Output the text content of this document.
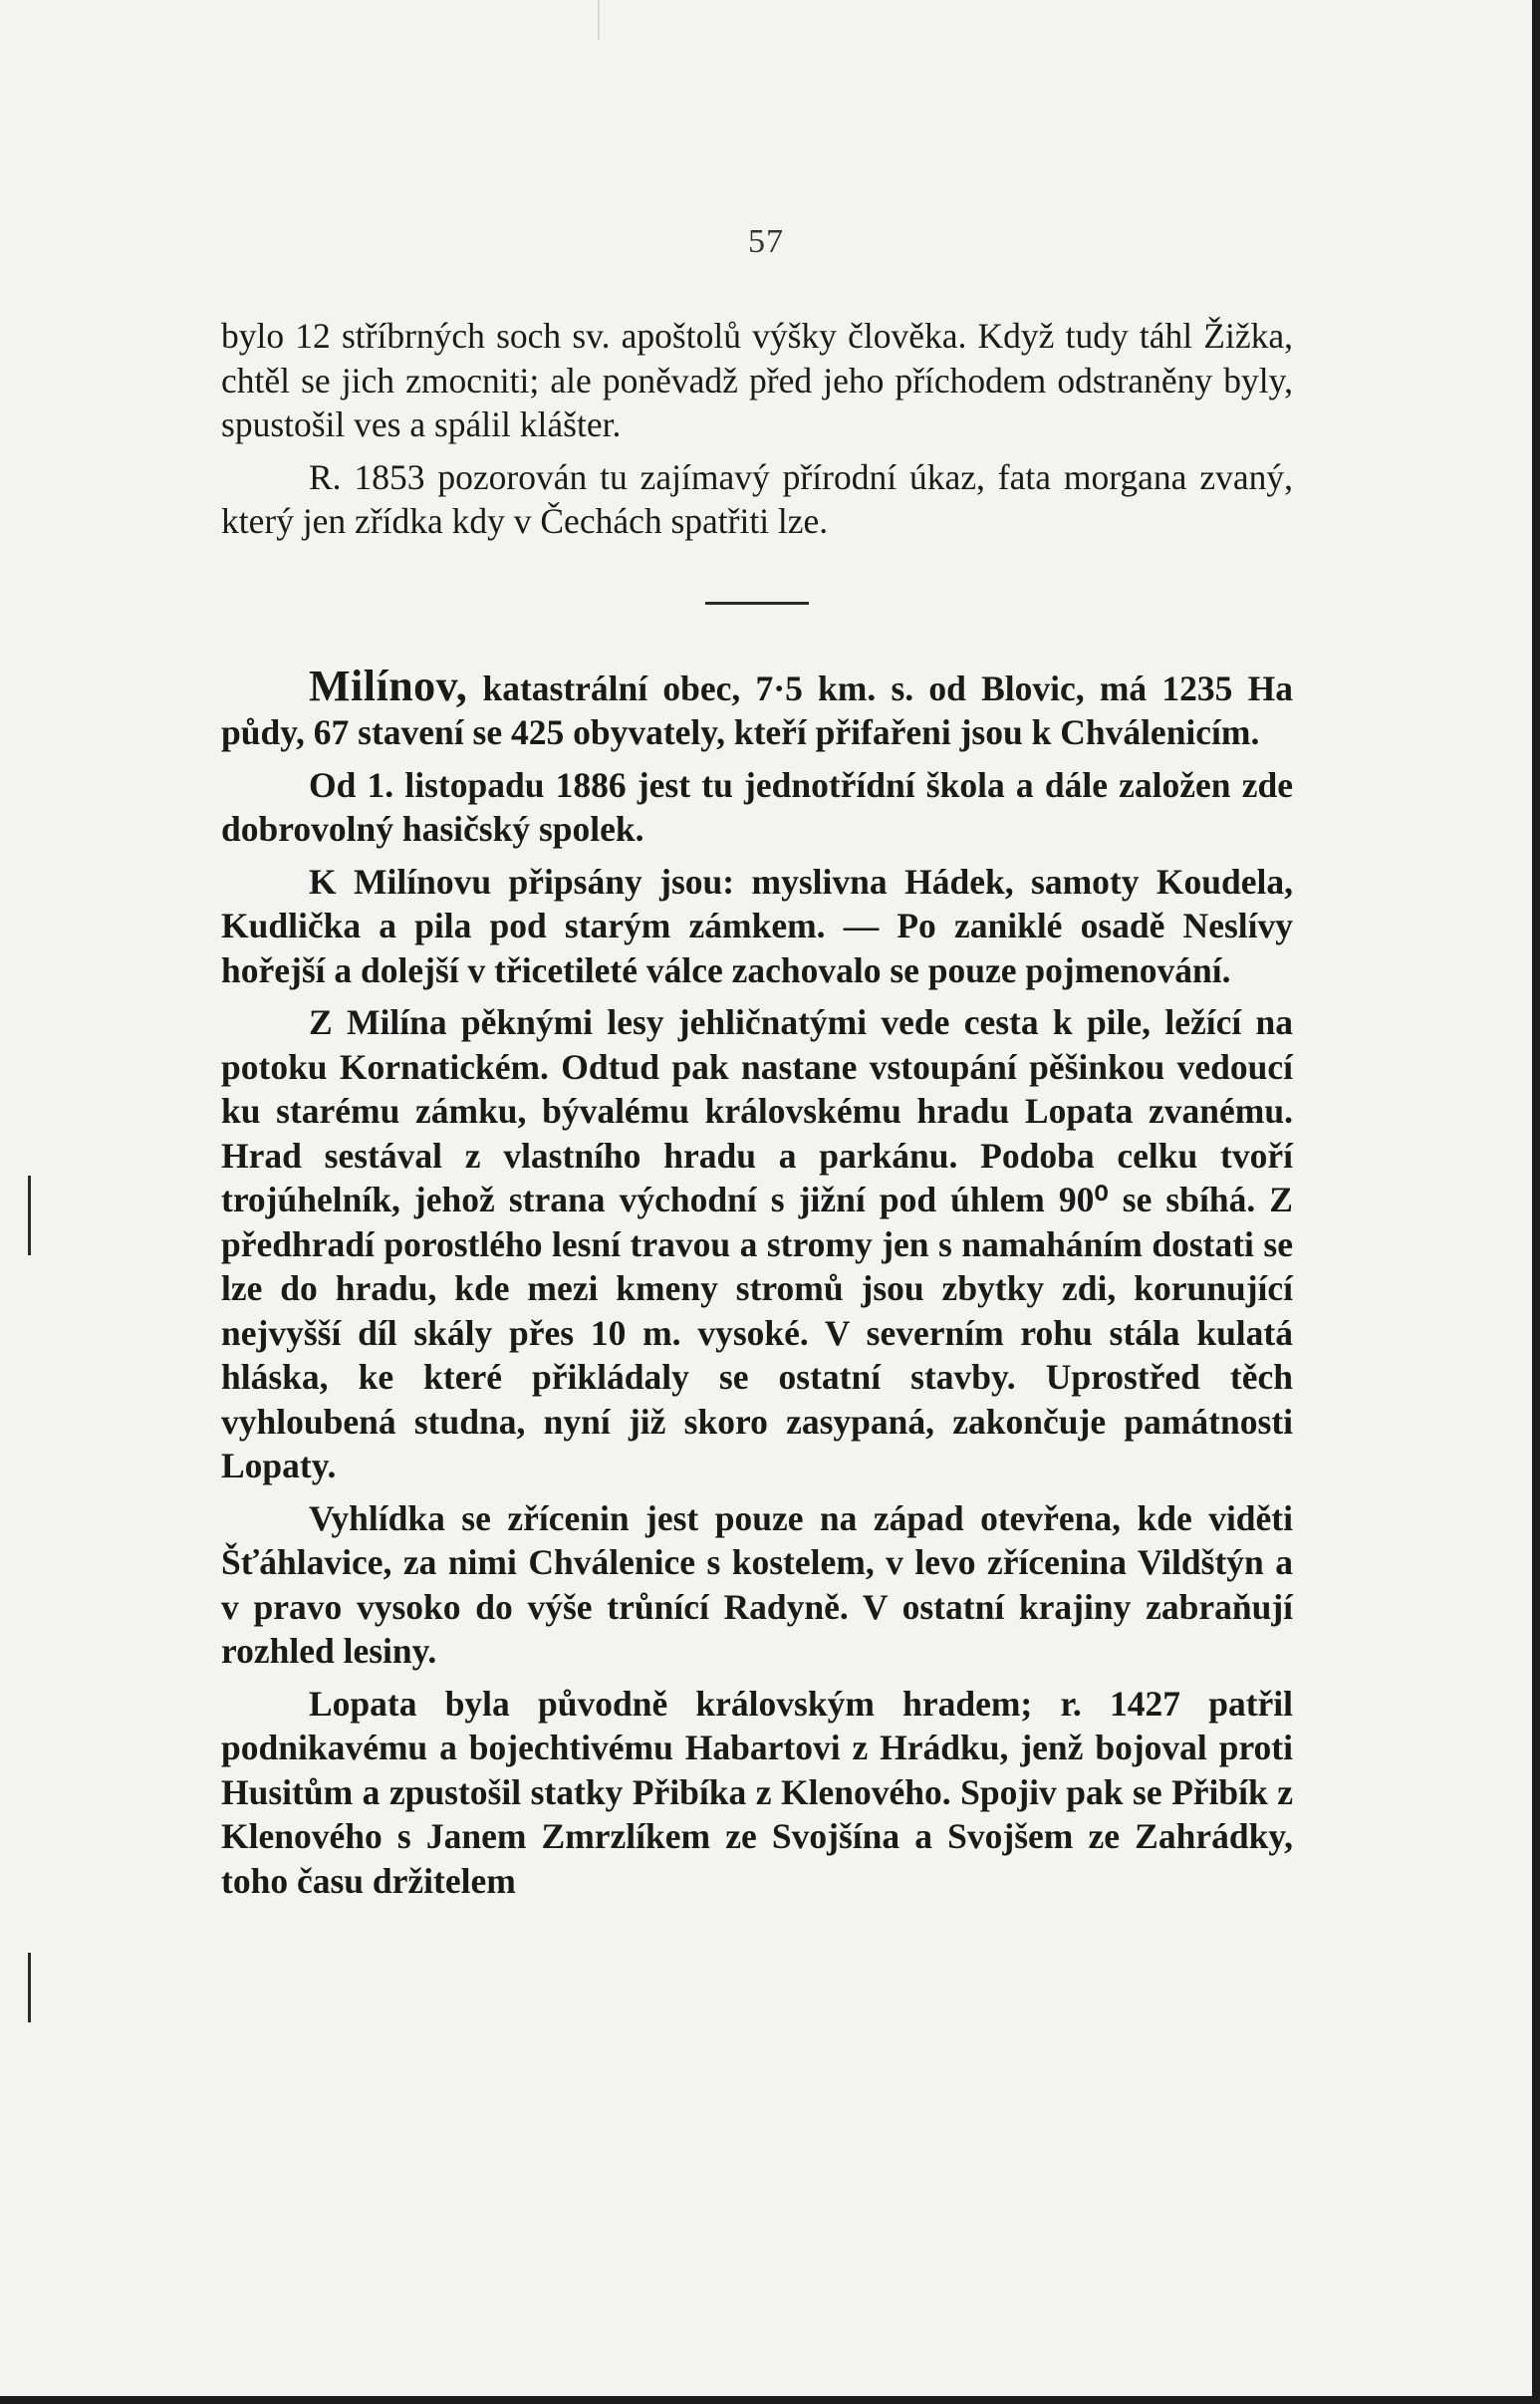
57

bylo 12 stříbrných soch sv. apoštolů výšky člověka. Když tudy táhl Žižka, chtěl se jich zmocniti; ale poněvadž před jeho příchodem odstraněny byly, spustošil ves a spálil klášter.

R. 1853 pozorován tu zajímavý přírodní úkaz, fata morgana zvaný, který jen zřídka kdy v Čechách spatřiti lze.

Milínov, katastrální obec, 7·5 km. s. od Blovic, má 1235 Ha půdy, 67 stavení se 425 obyvately, kteří přifařeni jsou k Chválenicím.

Od 1. listopadu 1886 jest tu jednotřídní škola a dále založen zde dobrovolný hasičský spolek.

K Milínovu připsány jsou: myslivna Hádek, samoty Koudela, Kudlička a pila pod starým zámkem. — Po zaniklé osadě Neslívy hořejší a dolejší v třicetileté válce zachovalo se pouze pojmenování.

Z Milína pěknými lesy jehličnatými vede cesta k pile, ležící na potoku Kornatickém. Odtud pak nastane vstoupání pěšinkou vedoucí ku starému zámku, bývalému královskému hradu Lopata zvanému. Hrad sestával z vlastního hradu a parkánu. Podoba celku tvoří trojúhelník, jehož strana východní s jižní pod úhlem 90⁰ se sbíhá. Z předhradí porostlého lesní travou a stromy jen s namaháním dostati se lze do hradu, kde mezi kmeny stromů jsou zbytky zdi, korunující nejvyšší díl skály přes 10 m. vysoké. V severním rohu stála kulatá hláska, ke které přikládaly se ostatní stavby. Uprostřed těch vyhloubená studna, nyní již skoro zasypaná, zakončuje památnosti Lopaty.

Vyhlídka se zřícenin jest pouze na západ otevřena, kde viděti Šťáhlavice, za nimi Chválenice s kostelem, v levo zřícenina Vildštýn a v pravo vysoko do výše trůnící Radyně. V ostatní krajiny zabraňují rozhled lesiny.

Lopata byla původně královským hradem; r. 1427 patřil podnikavému a bojechtivému Habartovi z Hrádku, jenž bojoval proti Husitům a zpustošil statky Přibíka z Klenového. Spojiv pak se Přibík z Klenového s Janem Zmrzlíkem ze Svojšína a Svojšem ze Zahrádky, toho času držitelem
